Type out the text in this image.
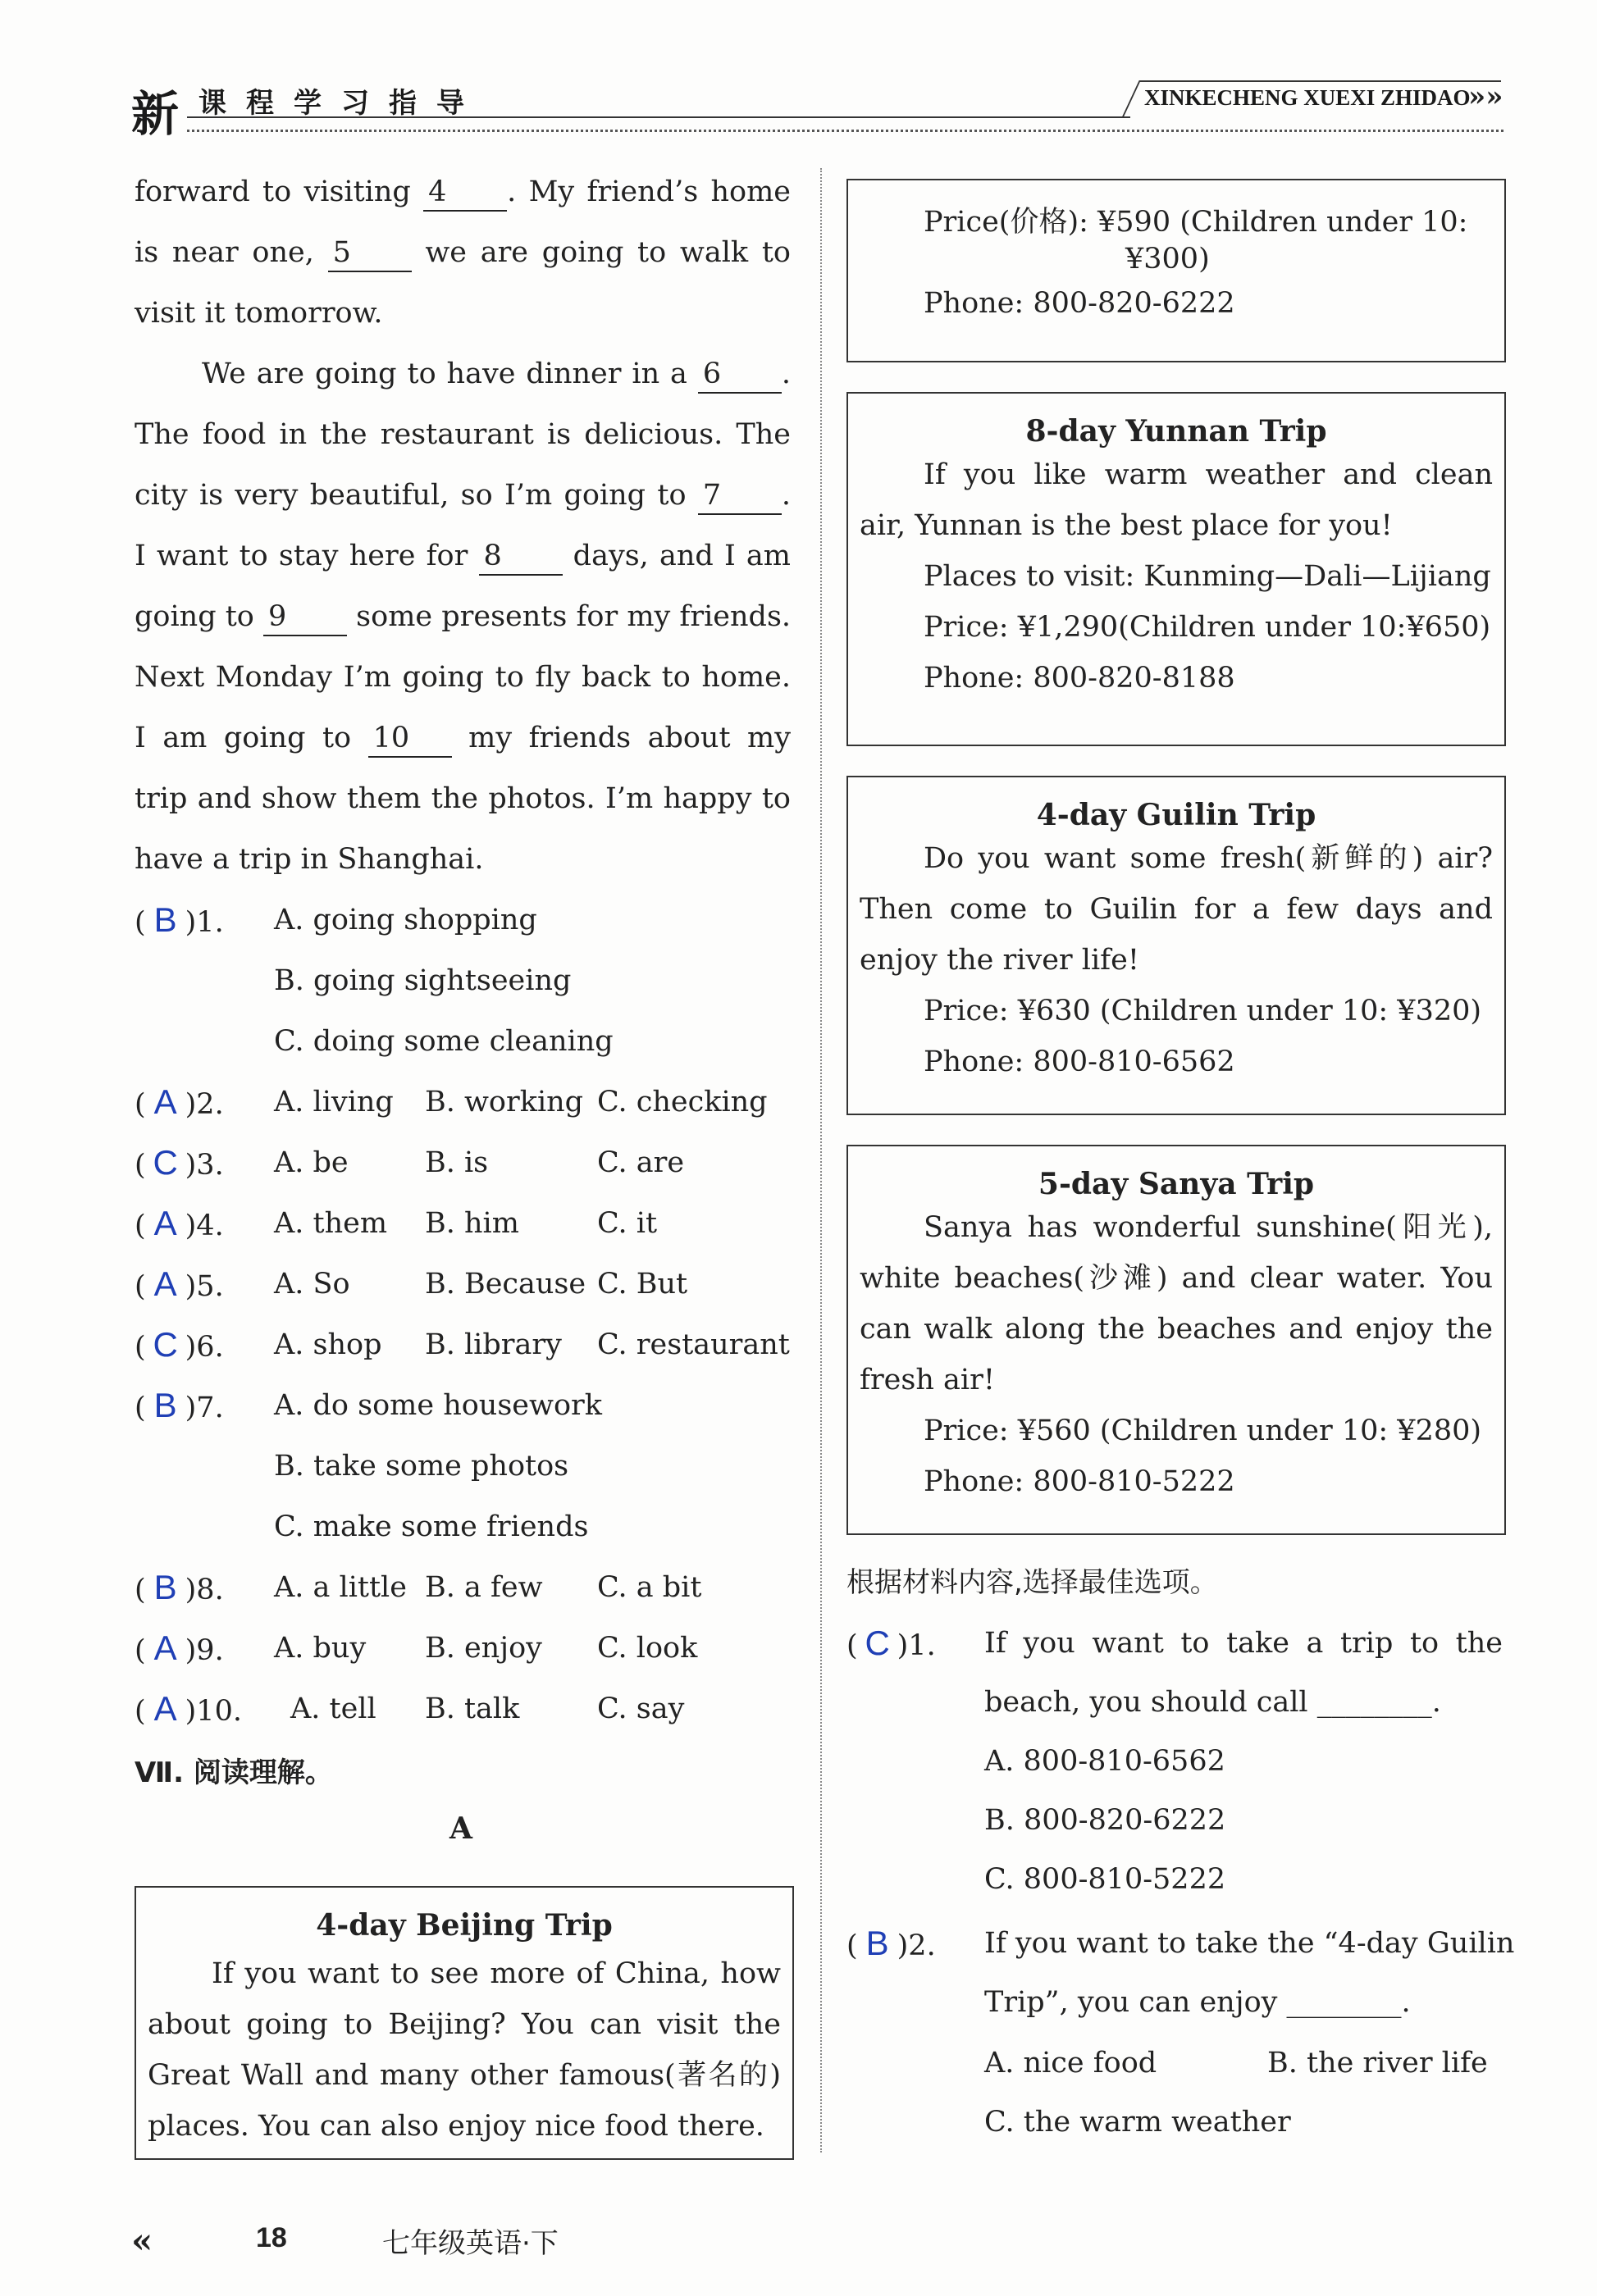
新 课程学习指导	XINKECHENG XUEXI ZHIDAO
»»
forward to visiting 4 . My friend’s home
is near one, 5	we are going to walk to
visit it tomorrow.
We are going to have dinner in a 6 .
The food in the restaurant is delicious. The
city is very beautiful, so I’m going to 7 .
I want to stay here for 8 days, and I am
going to 9 some presents for my friends.
Next Monday I’m going to fly back to home.
I am going to 10 my friends about my
trip and show them the photos. I’m happy to
have a trip in Shanghai.
( B )1. A. going shopping
B. going sightseeing
C. doing some cleaning
( A )2. A. living B. working C. checking
( C )3. A. be	B. is	C. are
( A )4. A. them B. him	C. it
( A )5. A. So	B. Because C. But
( C )6. A. shop B. library C. restaurant
( B )7. A. do some housework
B. take some photos
C. make some friends
( B )8. A. a little B. a few C. a bit
( A )9. A. buy B. enjoy C. look
( A )10. A. tell B. talk	C. say
Ⅶ. 阅读理解。
A
4-day Beijing Trip
If you want to see more of China, how about going to Beijing? You can visit the Great Wall and many other famous(著名的) places. You can also enjoy nice food there.
Price(价格): ¥590 (Children under 10:
¥300)
Phone: 800-820-6222
8-day Yunnan Trip
If you like warm weather and clean air, Yunnan is the best place for you!
Places to visit: Kunming—Dali—Lijiang
Price: ¥1,290(Children under 10:¥650)
Phone: 800-820-8188
4-day Guilin Trip
Do you want some fresh(新鲜的) air? Then come to Guilin for a few days and enjoy the river life!
Price: ¥630 (Children under 10: ¥320)
Phone: 800-810-6562
5-day Sanya Trip
Sanya has wonderful sunshine(阳光), white beaches(沙滩) and clear water. You can walk along the beaches and enjoy the fresh air!
Price: ¥560 (Children under 10: ¥280)
Phone: 800-810-5222
根据材料内容,选择最佳选项。
( C )1. If you want to take a trip to the
beach, you should call ________.
A. 800-810-6562
B. 800-820-6222
C. 800-810-5222
( B )2. If you want to take the “4-day Guilin
Trip”, you can enjoy ________.
A. nice food	B. the river life
C. the warm weather
«	18	七年级英语·下
